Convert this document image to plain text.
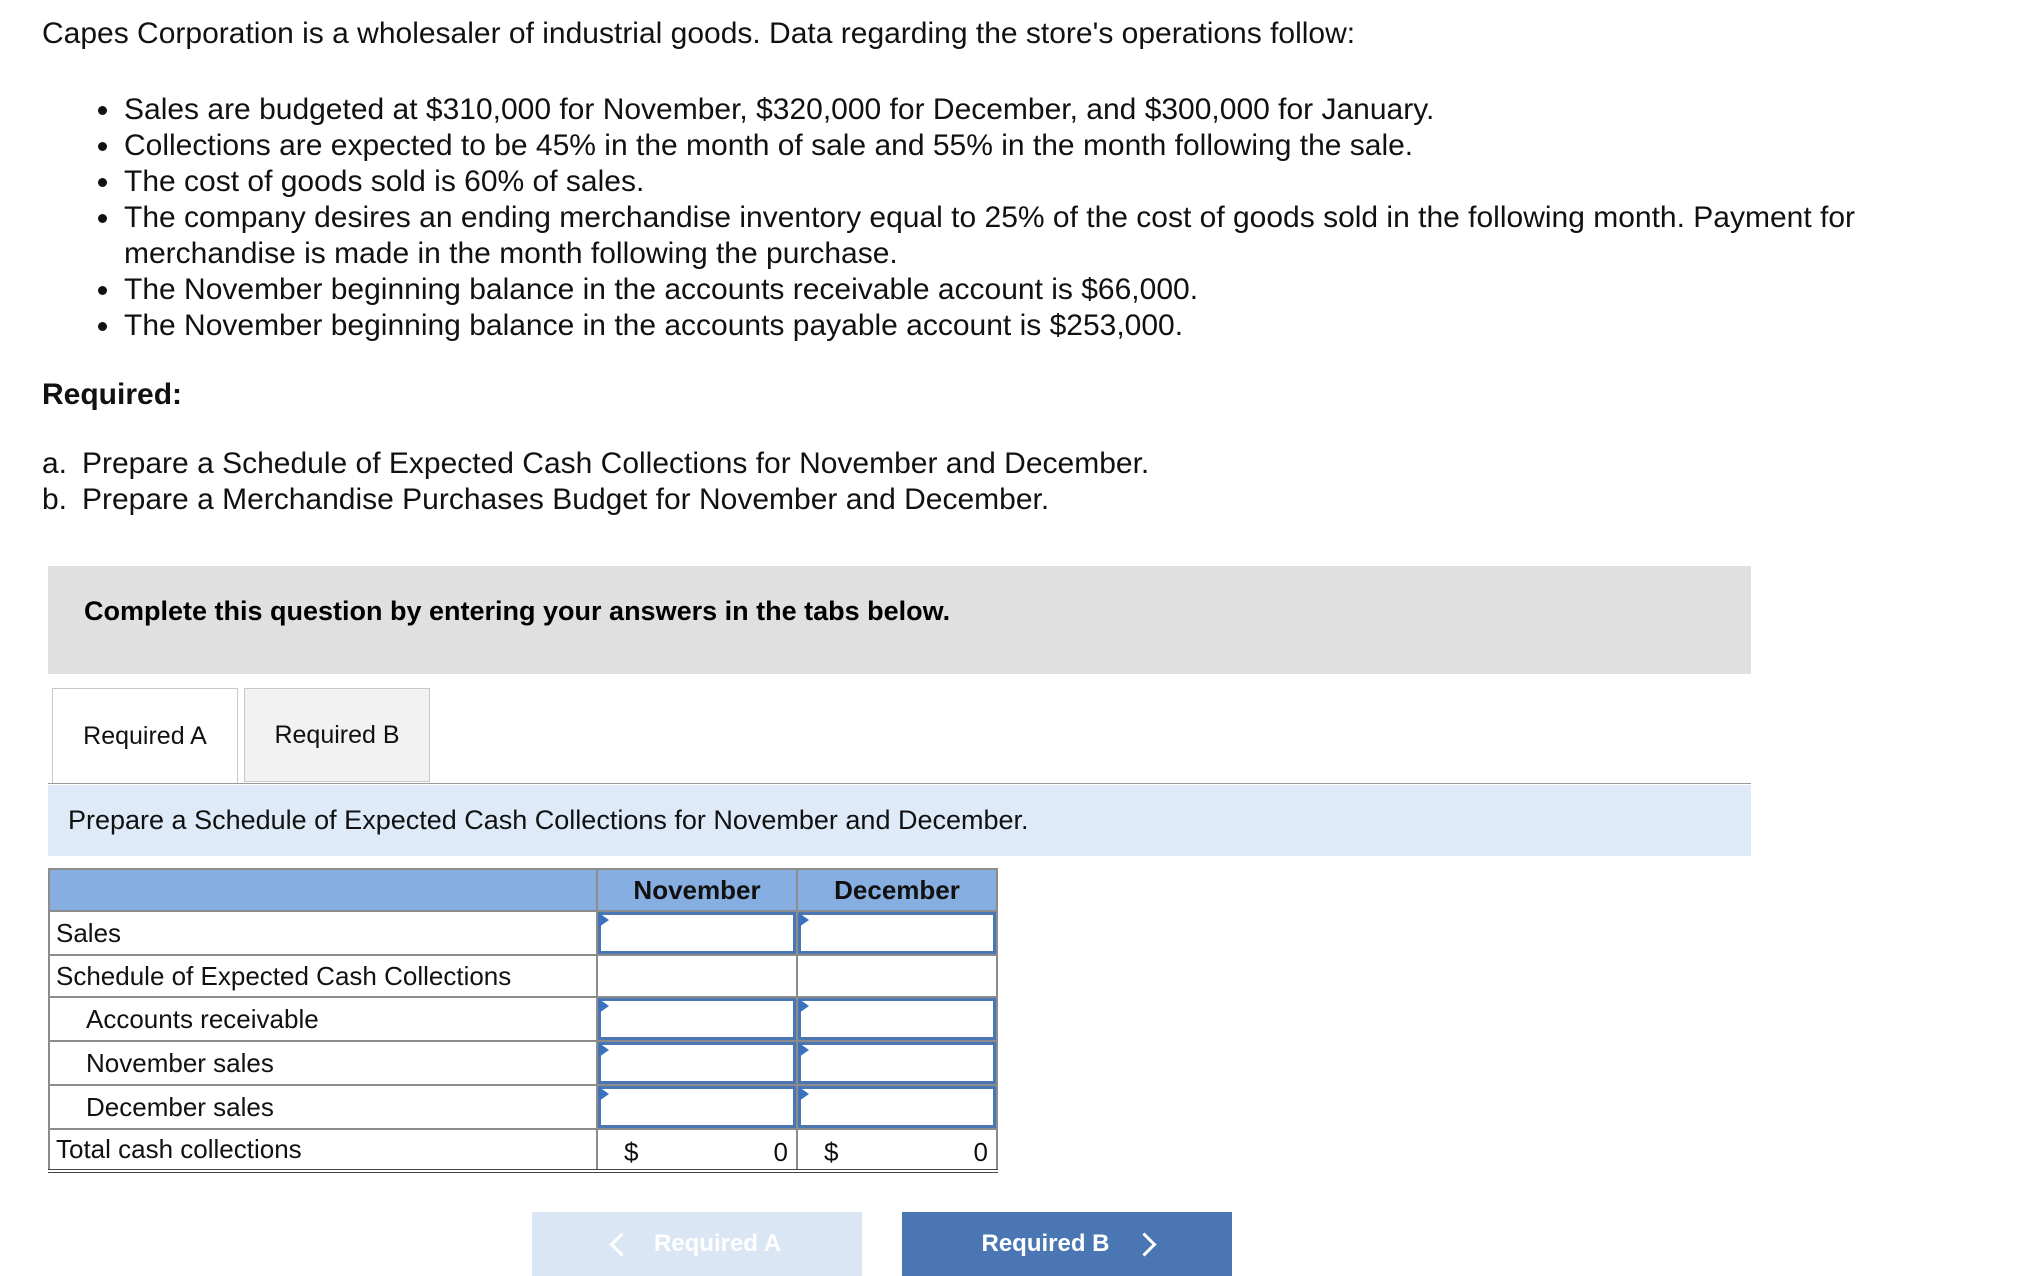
Capes Corporation is a wholesaler of industrial goods. Data regarding the store's operations follow:

• Sales are budgeted at $310,000 for November, $320,000 for December, and $300,000 for January.
• Collections are expected to be 45% in the month of sale and 55% in the month following the sale.
• The cost of goods sold is 60% of sales.
• The company desires an ending merchandise inventory equal to 25% of the cost of goods sold in the following month. Payment for merchandise is made in the month following the purchase.
• The November beginning balance in the accounts receivable account is $66,000.
• The November beginning balance in the accounts payable account is $253,000.

Required:

a. Prepare a Schedule of Expected Cash Collections for November and December.
b. Prepare a Merchandise Purchases Budget for November and December.
Complete this question by entering your answers in the tabs below.
Required A	Required B
Prepare a Schedule of Expected Cash Collections for November and December.
	November	December
Sales	

Schedule of Expected Cash Collections		
Accounts receivable	

November sales	

December sales	

Total cash collections	$ 0	$ 0
Required A	Required B
